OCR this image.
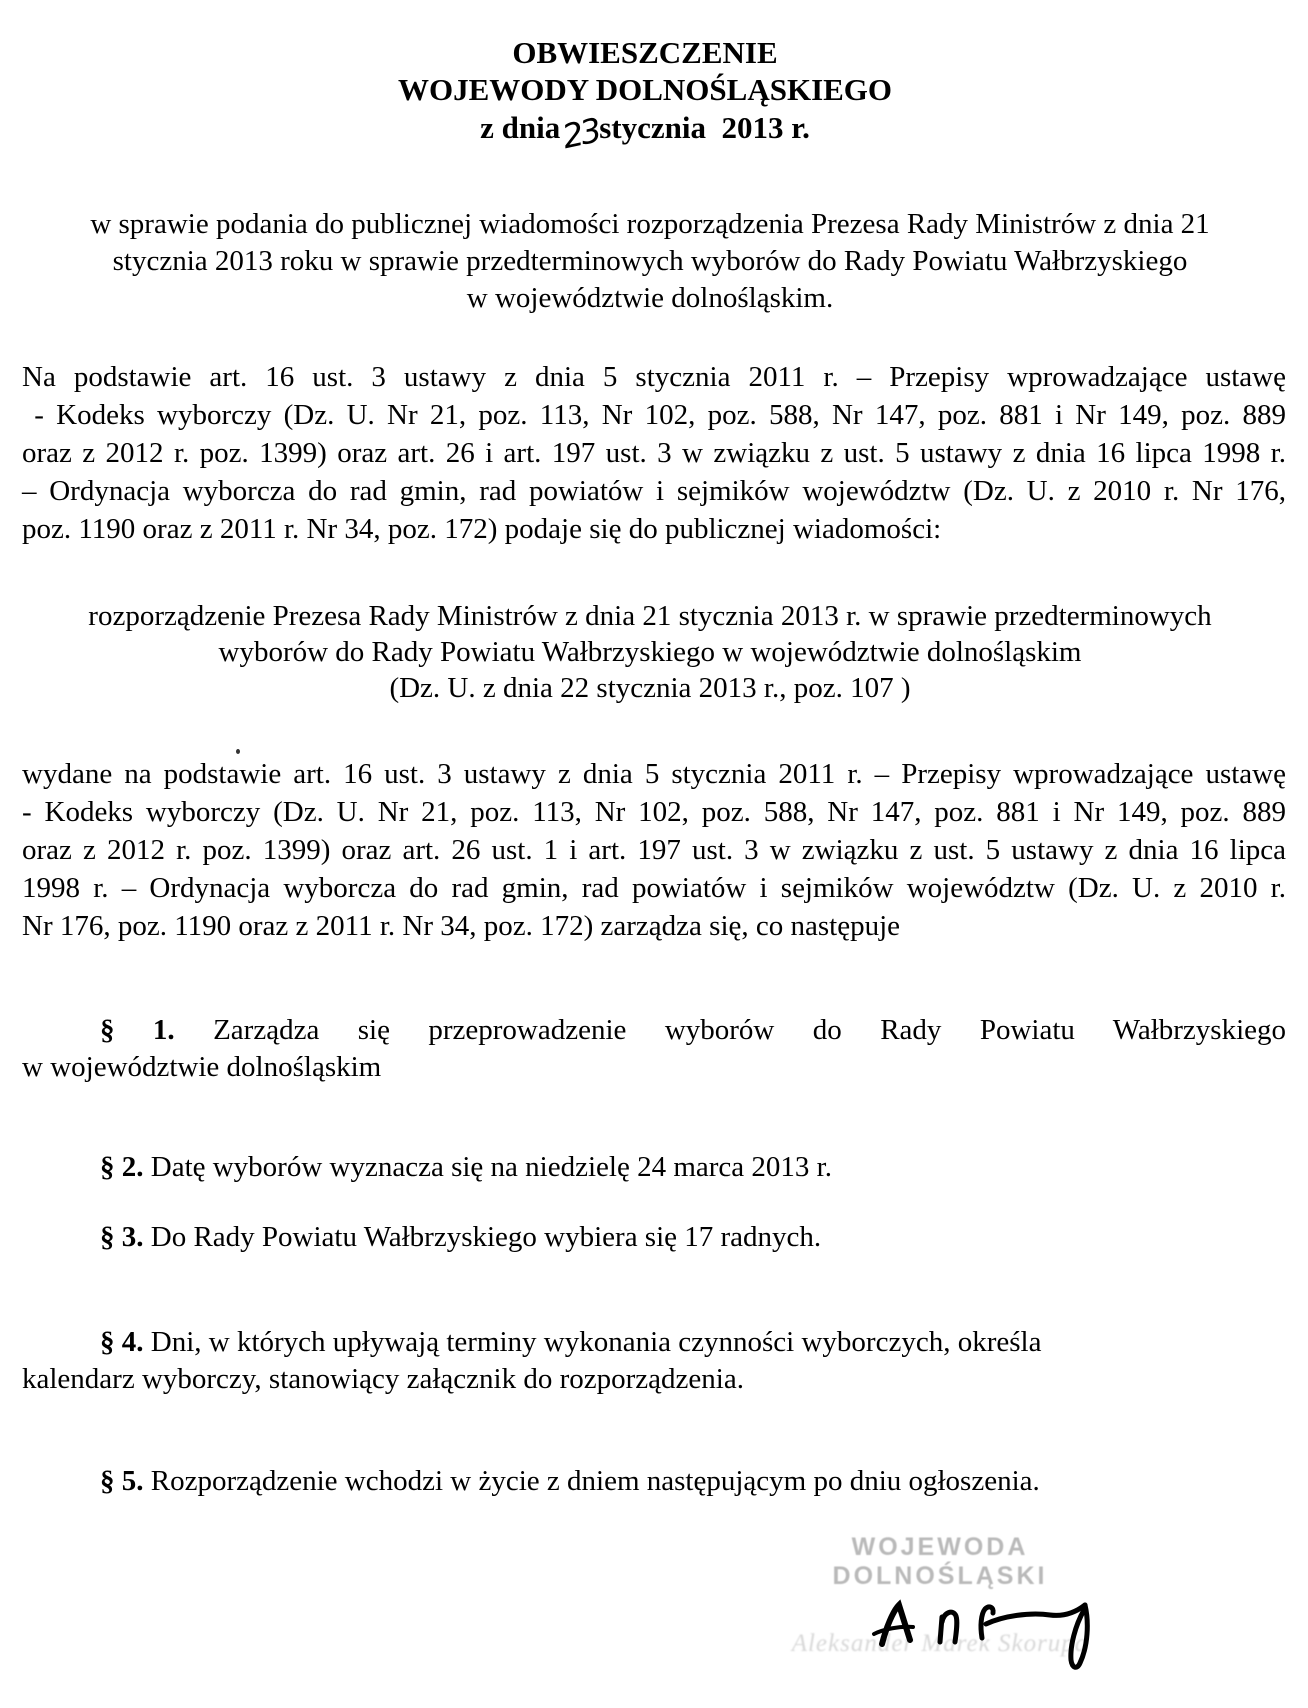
OBWIESZCZENIE
WOJEWODY DOLNOŚLĄSKIEGO
z dnia
23
stycznia  2013 r.
w sprawie podania do publicznej wiadomości rozporządzenia Prezesa Rady Ministrów z dnia 21
stycznia 2013 roku w sprawie przedterminowych wyborów do Rady Powiatu Wałbrzyskiego
w województwie dolnośląskim.
Na podstawie art. 16 ust. 3 ustawy z dnia 5 stycznia 2011 r. – Przepisy wprowadzające ustawę
- Kodeks wyborczy (Dz. U. Nr 21, poz. 113, Nr 102, poz. 588, Nr 147, poz. 881 i Nr 149, poz. 889
oraz z 2012 r. poz. 1399) oraz art. 26 i art. 197 ust. 3 w związku z ust. 5 ustawy z dnia 16 lipca 1998 r.
– Ordynacja wyborcza do rad gmin, rad powiatów i sejmików województw (Dz. U. z 2010 r. Nr 176,
poz. 1190 oraz z 2011 r. Nr 34, poz. 172) podaje się do publicznej wiadomości:
rozporządzenie Prezesa Rady Ministrów z dnia 21 stycznia 2013 r. w sprawie przedterminowych
wyborów do Rady Powiatu Wałbrzyskiego w województwie dolnośląskim
(Dz. U. z dnia 22 stycznia 2013 r., poz. 107 )
wydane na podstawie art. 16 ust. 3 ustawy z dnia 5 stycznia 2011 r. – Przepisy wprowadzające ustawę
- Kodeks wyborczy (Dz. U. Nr 21, poz. 113, Nr 102, poz. 588, Nr 147, poz. 881 i Nr 149, poz. 889
oraz z 2012 r. poz. 1399) oraz art. 26 ust. 1 i art. 197 ust. 3 w związku z ust. 5 ustawy z dnia 16 lipca
1998 r. – Ordynacja wyborcza do rad gmin, rad powiatów i sejmików województw (Dz. U. z 2010 r.
Nr 176, poz. 1190 oraz z 2011 r. Nr 34, poz. 172) zarządza się, co następuje
§ 1. Zarządza się przeprowadzenie wyborów do Rady Powiatu Wałbrzyskiego
w województwie dolnośląskim
§ 2. Datę wyborów wyznacza się na niedzielę 24 marca 2013 r.
§ 3. Do Rady Powiatu Wałbrzyskiego wybiera się 17 radnych.
§ 4. Dni, w których upływają terminy wykonania czynności wyborczych, określa
kalendarz wyborczy, stanowiący załącznik do rozporządzenia.
§ 5. Rozporządzenie wchodzi w życie z dniem następującym po dniu ogłoszenia.
WOJEWODA DOLNOŚLĄSKI
Aleksander Marek Skorupa
